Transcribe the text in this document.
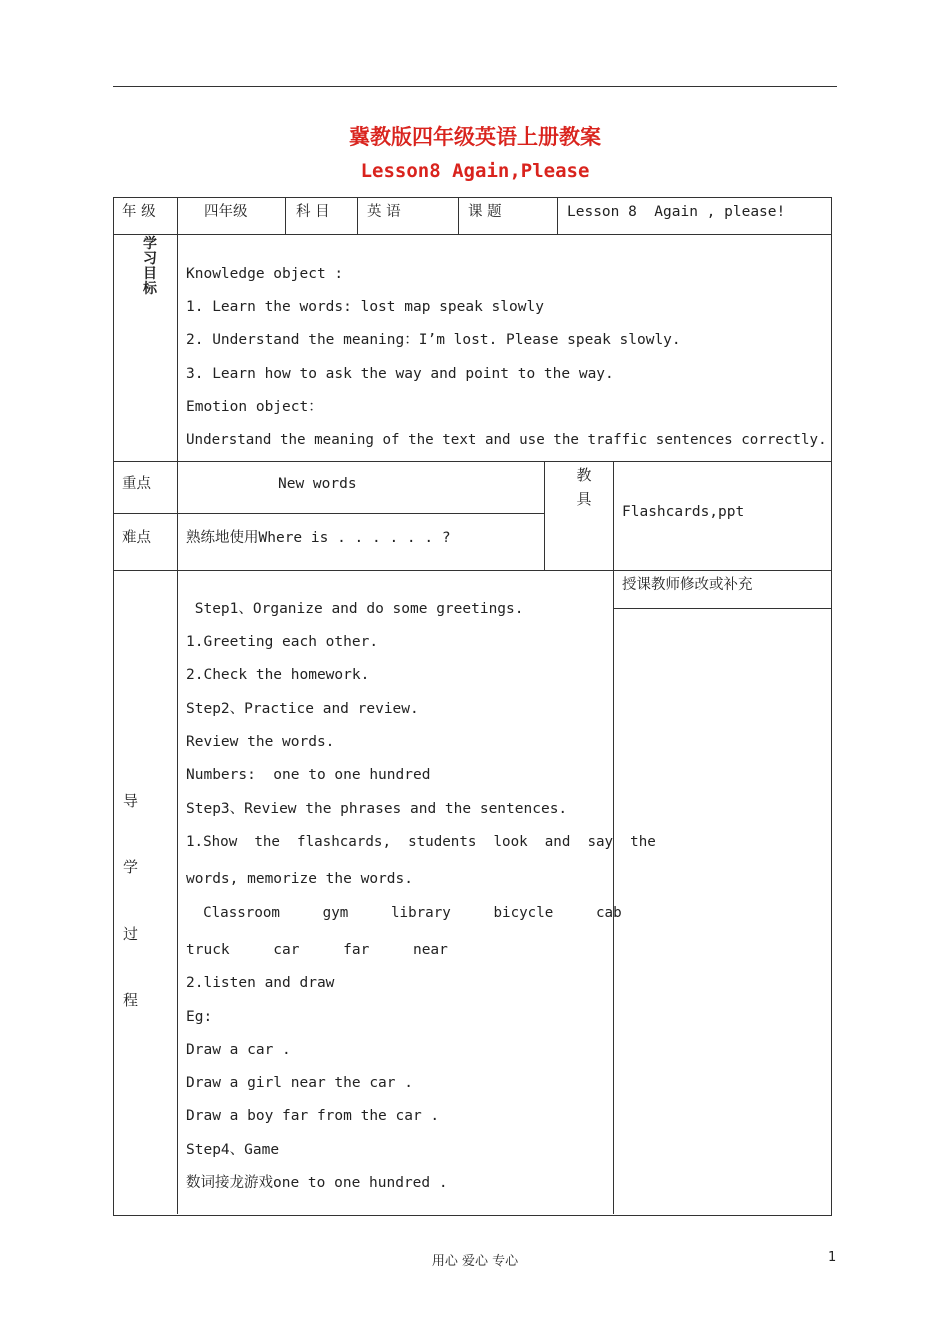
冀教版四年级英语上册教案
Lesson8 Again,Please
年 级	四年级	科 目	英 语	课 题	Lesson 8  Again , please!
学习目标
Knowledge object :
1. Learn the words: lost map speak slowly
2. Understand the meaning：I’m lost. Please speak slowly.
3. Learn how to ask the way and point to the way.
Emotion object：
Understand the meaning of the text and use the traffic sentences correctly.
重点	New words
难点 熟练地使用Where is . . . . . . ?
教具
Flashcards,ppt
导
学
过
程
授课教师修改或补充
Step1、Organize and do some greetings.
1.Greeting each other.
2.Check the homework.
Step2、Practice and review.
Review the words.
Numbers:  one to one hundred
Step3、Review the phrases and the sentences.
1.Show  the  flashcards,  students  look  and  say  the
words, memorize the words.
Classroom     gym     library     bicycle     cab
truck     car     far     near
2.listen and draw
Eg:
Draw a car .
Draw a girl near the car .
Draw a boy far from the car .
Step4、Game
数词接龙游戏one to one hundred .
用心 爱心 专心	1
